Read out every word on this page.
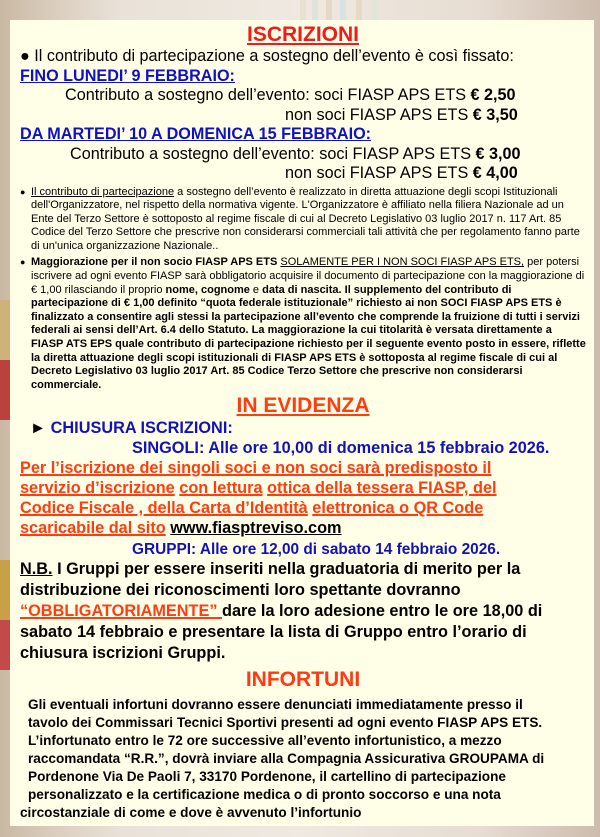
ISCRIZIONI
● Il contributo di partecipazione a sostegno dell’evento è così fissato:
FINO LUNEDI’ 9 FEBBRAIO:
Contributo a sostegno dell’evento: soci FIASP APS ETS € 2,50
non soci FIASP APS ETS € 3,50
DA MARTEDI’ 10 A DOMENICA 15 FEBBRAIO:
Contributo a sostegno dell’evento: soci FIASP APS ETS € 3,00
non soci FIASP APS ETS € 4,00
● Il contributo di partecipazione a sostegno dell’evento è realizzato in diretta attuazione degli scopi Istituzionali dell'Organizzatore, nel rispetto della normativa vigente. L'Organizzatore è affiliato nella filiera Nazionale ad un Ente del Terzo Settore è sottoposto al regime fiscale di cui al Decreto Legislativo 03 luglio 2017 n. 117 Art. 85 Codice del Terzo Settore che prescrive non considerarsi commerciali tali attività che per regolamento fanno parte di un'unica organizzazione Nazionale..

● Maggiorazione per il non socio FIASP APS ETS SOLAMENTE PER I NON SOCI FIASP APS ETS, per potersi iscrivere ad ogni evento FIASP sarà obbligatorio acquisire il documento di partecipazione con la maggiorazione di € 1,00 rilasciando il proprio nome, cognome e data di nascita. Il supplemento del contributo di partecipazione di € 1,00 definito “quota federale istituzionale” richiesto ai non SOCI FIASP APS ETS è finalizzato a consentire agli stessi la partecipazione all’evento che comprende la fruizione di tutti i servizi federali ai sensi dell’Art. 6.4 dello Statuto. La maggiorazione la cui titolarità è versata direttamente a FIASP ATS EPS quale contributo di partecipazione richiesto per il seguente evento posto in essere, riflette la diretta attuazione degli scopi istituzionali di FIASP APS ETS è sottoposta al regime fiscale di cui al Decreto Legislativo 03 luglio 2017 Art. 85 Codice Terzo Settore che prescrive non considerarsi commerciale.

IN EVIDENZA
► CHIUSURA ISCRIZIONI:
SINGOLI: Alle ore 10,00 di domenica 15 febbraio 2026.
Per l’iscrizione dei singoli soci e non soci sarà predisposto il
servizio d’iscrizione con lettura ottica della tessera FIASP, del
Codice Fiscale , della Carta d’Identità elettronica o QR Code
scaricabile dal sito www.fiasptreviso.com
GRUPPI: Alle ore 12,00 di sabato 14 febbraio 2026.
N.B. I Gruppi per essere inseriti nella graduatoria di merito per la distribuzione dei riconoscimenti loro spettante dovranno
“OBBLIGATORIAMENTE” dare la loro adesione entro le ore 18,00 di sabato 14 febbraio e presentare la lista di Gruppo entro l’orario di chiusura iscrizioni Gruppi.
INFORTUNI
Gli eventuali infortuni dovranno essere denunciati immediatamente presso il
tavolo dei Commissari Tecnici Sportivi presenti ad ogni evento FIASP APS ETS.
L’infortunato entro le 72 ore successive all’evento infortunistico, a mezzo
raccomandata “R.R.”, dovrà inviare alla Compagnia Assicurativa GROUPAMA di
Pordenone Via De Paoli 7, 33170 Pordenone, il cartellino di partecipazione
personalizzato e la certificazione medica o di pronto soccorso e una nota
circostanziale di come e dove è avvenuto l’infortunio
